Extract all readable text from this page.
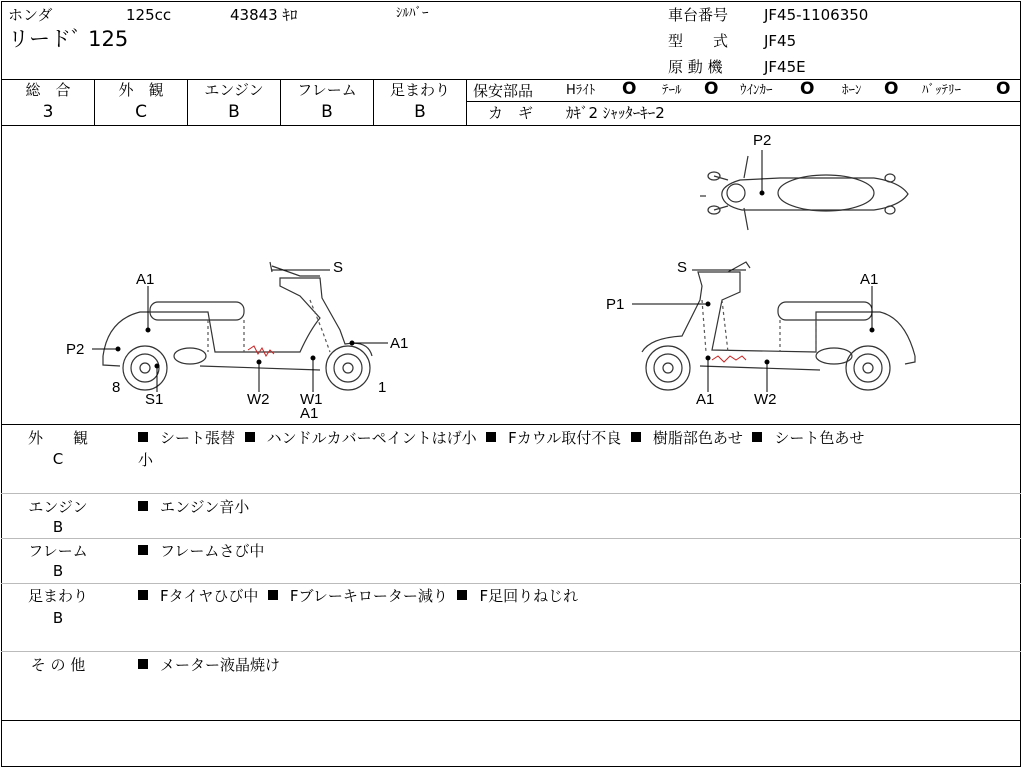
ホンダ	125cc	43843 ｷﾛ	ｼﾙﾊﾞｰ
リードﾞ 125
車台番号 JF45-1106350
型　　式 JF45
原 動 機	JF45E
総　合
3
外　観
C
エンジン
B
フレーム
B
足まわり
B
保安部品	Hﾗｲﾄ O ﾃｰﾙ O ｳｲﾝｶｰ O ﾎｰﾝ O ﾊﾞｯﾃﾘｰ O
カ　ギ ｶｷﾞ2 ｼｬｯﾀｰｷｰ2
A1
P2
S
A1
8
S1	W2 W1
A1
1
P2
S
A1
P1
A1	W2
外　　観
C
シート張替 ハンドルカバーペイントはげ小 Fカウル取付不良 樹脂部色あせ シート色あせ
小
エンジン
B
エンジン音小
フレーム
B
フレームさび中
足まわり
B
Fタイヤひび中 Fブレーキローター減り F足回りねじれ
そ の 他	メーター液晶焼け
